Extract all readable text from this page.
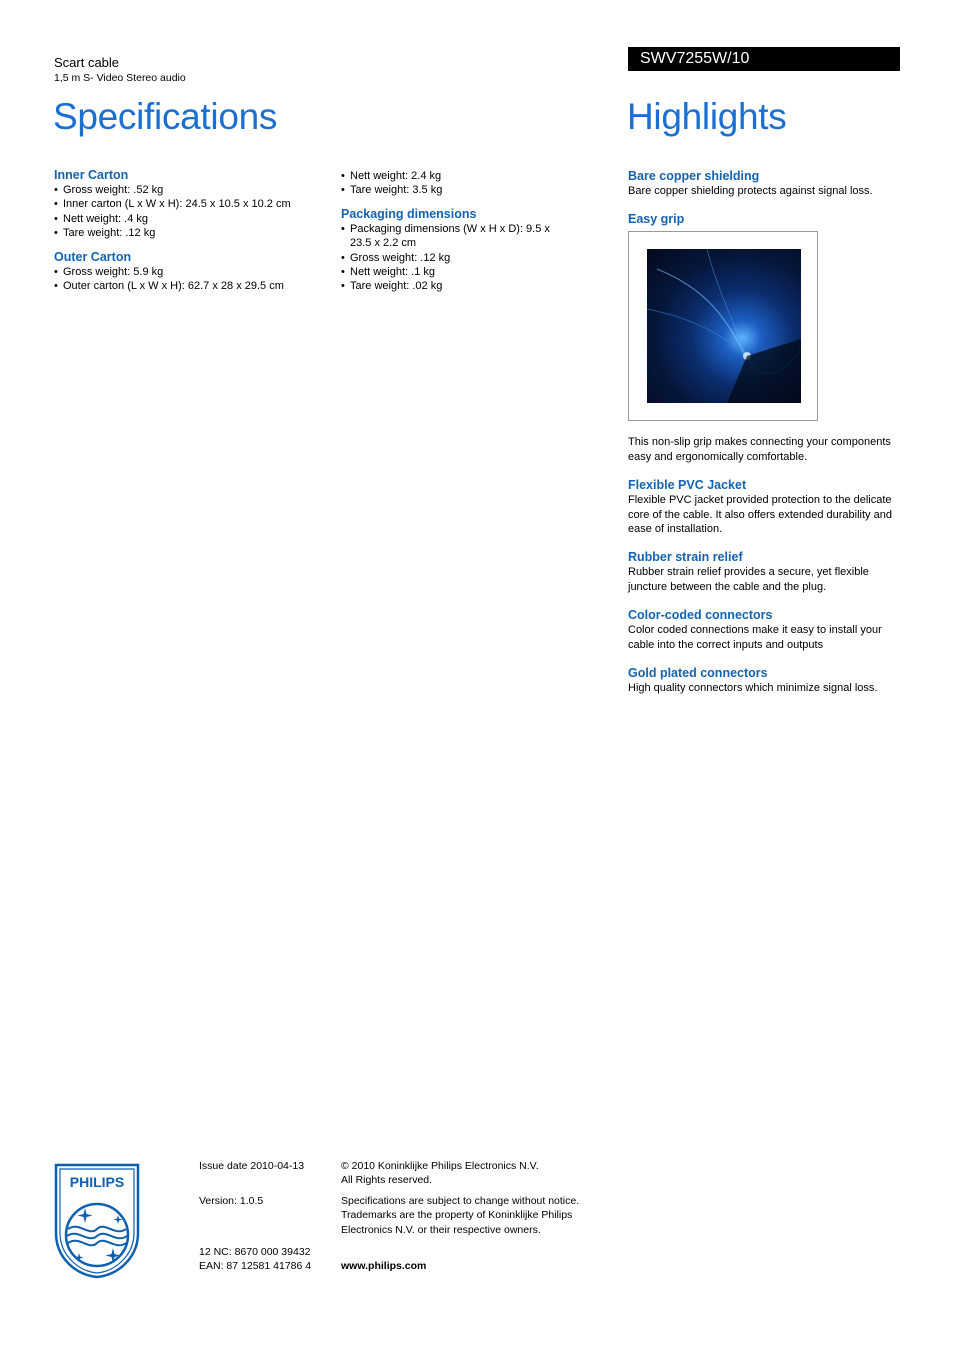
Scart cable
1,5 m S- Video Stereo audio
SWV7255W/10
Specifications	Highlights
Inner Carton
• Gross weight: .52 kg
• Inner carton (L x W x H): 24.5 x 10.5 x 10.2 cm
• Nett weight: .4 kg
• Tare weight: .12 kg
Outer Carton
• Gross weight: 5.9 kg
• Outer carton (L x W x H): 62.7 x 28 x 29.5 cm
• Nett weight: 2.4 kg
• Tare weight: 3.5 kg
Packaging dimensions
• Packaging dimensions (W x H x D): 9.5 x 23.5 x 2.2 cm
• Gross weight: .12 kg
• Nett weight: .1 kg
• Tare weight: .02 kg
Bare copper shielding

Bare copper shielding protects against signal loss.

Easy grip

This non-slip grip makes connecting your components easy and ergonomically comfortable.

Flexible PVC Jacket

Flexible PVC jacket provided protection to the delicate core of the cable. It also offers extended durability and ease of installation.

Rubber strain relief

Rubber strain relief provides a secure, yet flexible juncture between the cable and the plug.

Color-coded connectors

Color coded connections make it easy to install your cable into the correct inputs and outputs

Gold plated connectors

High quality connectors which minimize signal loss.

PHILIPS
Issue date 2010-04-13
Version: 1.0.5
12 NC: 8670 000 39432
EAN: 87 12581 41786 4
© 2010 Koninklijke Philips Electronics N.V.
All Rights reserved.
Specifications are subject to change without notice.
Trademarks are the property of Koninklijke Philips
Electronics N.V. or their respective owners.
www.philips.com
